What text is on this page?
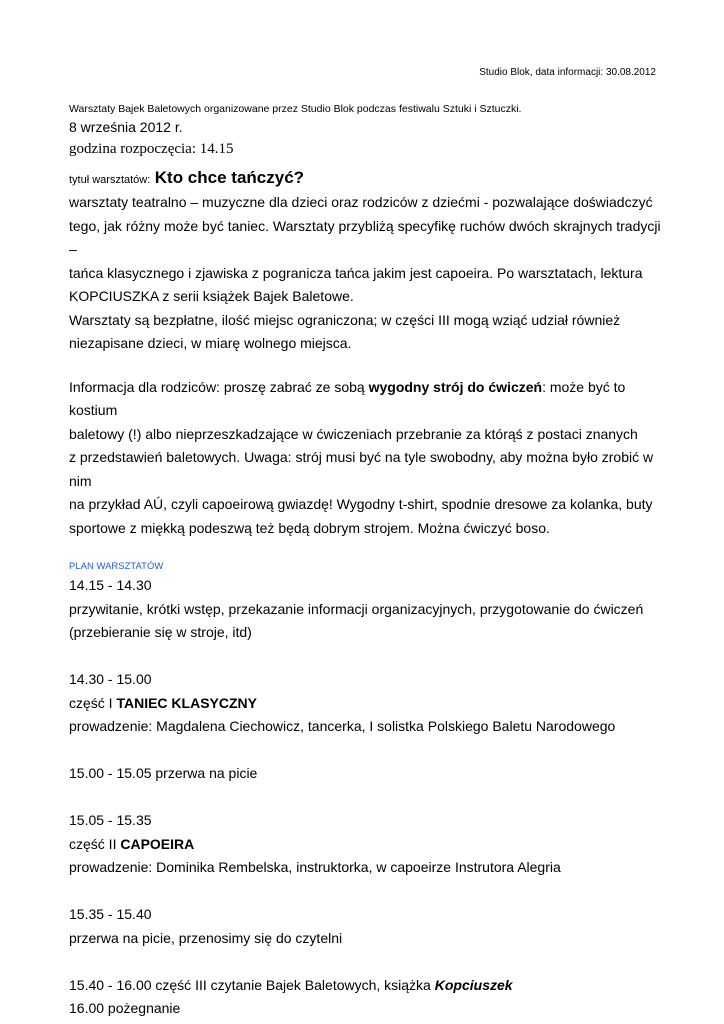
Studio Blok, data informacji: 30.08.2012

Warsztaty Bajek Baletowych organizowane przez Studio Blok podczas festiwalu Sztuki i Sztuczki.

8 września 2012 r.

godzina rozpoczęcia: 14.15

tytuł warsztatów: Kto chce tańczyć?

warsztaty teatralno – muzyczne dla dzieci oraz rodziców z dziećmi - pozwalające doświadczyć

tego, jak różny może być taniec. Warsztaty przybliżą specyfikę ruchów dwóch skrajnych tradycji –

tańca klasycznego i zjawiska z pogranicza tańca jakim jest capoeira. Po warsztatach, lektura

KOPCIUSZKA z serii książek Bajek Baletowe.

Warsztaty są bezpłatne, ilość miejsc ograniczona; w części III mogą wziąć udział również

niezapisane dzieci, w miarę wolnego miejsca.

Informacja dla rodziców: proszę zabrać ze sobą wygodny strój do ćwiczeń: może być to kostium

baletowy (!) albo nieprzeszkadzające w ćwiczeniach przebranie za którąś z postaci znanych

z przedstawień baletowych. Uwaga: strój musi być na tyle swobodny, aby można było zrobić w nim

na przykład AÚ, czyli capoeirową gwiazdę! Wygodny t-shirt, spodnie dresowe za kolanka, buty

sportowe z miękką podeszwą też będą dobrym strojem. Można ćwiczyć boso.

PLAN WARSZTATÓW

14.15 - 14.30

przywitanie, krótki wstęp, przekazanie informacji organizacyjnych, przygotowanie do ćwiczeń

(przebieranie się w stroje, itd)

14.30 - 15.00

część I TANIEC KLASYCZNY

prowadzenie: Magdalena Ciechowicz, tancerka, I solistka Polskiego Baletu Narodowego

15.00 - 15.05 przerwa na picie

15.05 - 15.35

część II CAPOEIRA

prowadzenie: Dominika Rembelska, instruktorka, w capoeirze Instrutora Alegria

15.35 - 15.40

przerwa na picie, przenosimy się do czytelni

15.40 - 16.00 część III czytanie Bajek Baletowych, książka Kopciuszek

16.00 pożegnanie
